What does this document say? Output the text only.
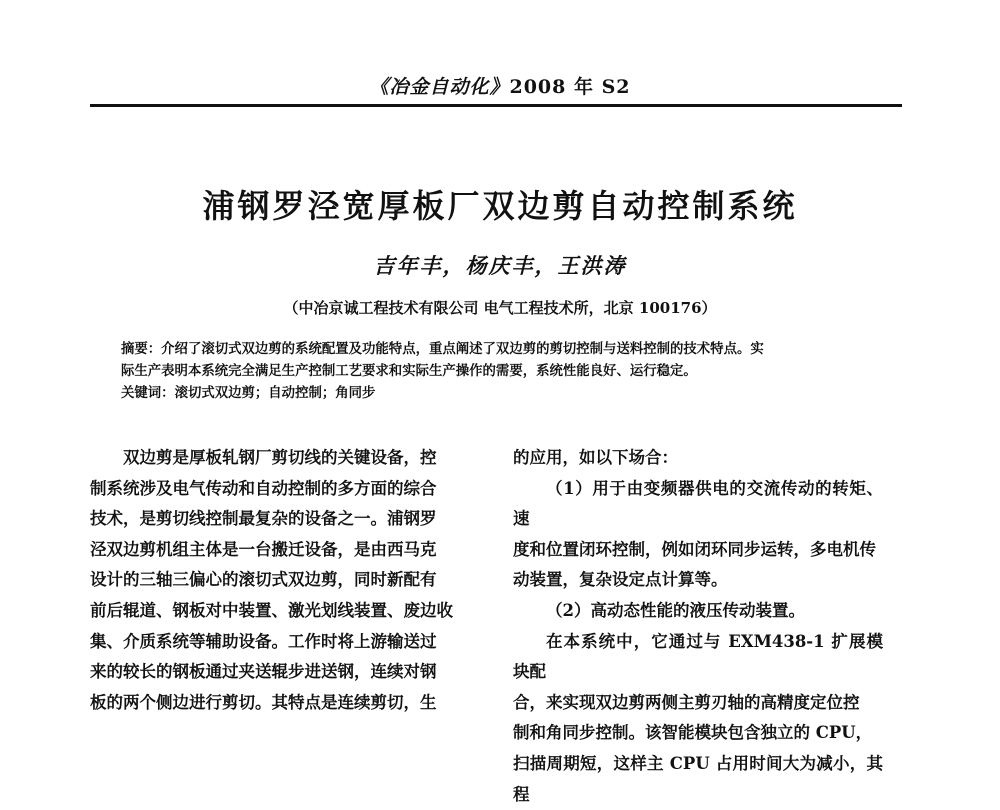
《冶金自动化》2008 年 S2
浦钢罗泾宽厚板厂双边剪自动控制系统
吉年丰，杨庆丰，王洪涛
（中冶京诚工程技术有限公司 电气工程技术所，北京 100176）

摘要：介绍了滚切式双边剪的系统配置及功能特点，重点阐述了双边剪的剪切控制与送料控制的技术特点。实

际生产表明本系统完全满足生产控制工艺要求和实际生产操作的需要，系统性能良好、运行稳定。

关键词：滚切式双边剪；自动控制；角同步

双边剪是厚板轧钢厂剪切线的关键设备，控

制系统涉及电气传动和自动控制的多方面的综合

技术，是剪切线控制最复杂的设备之一。浦钢罗

泾双边剪机组主体是一台搬迁设备，是由西马克

设计的三轴三偏心的滚切式双边剪，同时新配有

前后辊道、钢板对中装置、激光划线装置、废边收

集、介质系统等辅助设备。工作时将上游输送过

来的较长的钢板通过夹送辊步进送钢，连续对钢

板的两个侧边进行剪切。其特点是连续剪切，生

的应用，如以下场合：

（1）用于由变频器供电的交流传动的转矩、速

度和位置闭环控制，例如闭环同步运转，多电机传

动装置，复杂设定点计算等。

（2）高动态性能的液压传动装置。

在本系统中，它通过与 EXM438-1 扩展模块配

合，来实现双边剪两侧主剪刃轴的高精度定位控

制和角同步控制。该智能模块包含独立的 CPU，

扫描周期短，这样主 CPU 占用时间大为减小，其程
